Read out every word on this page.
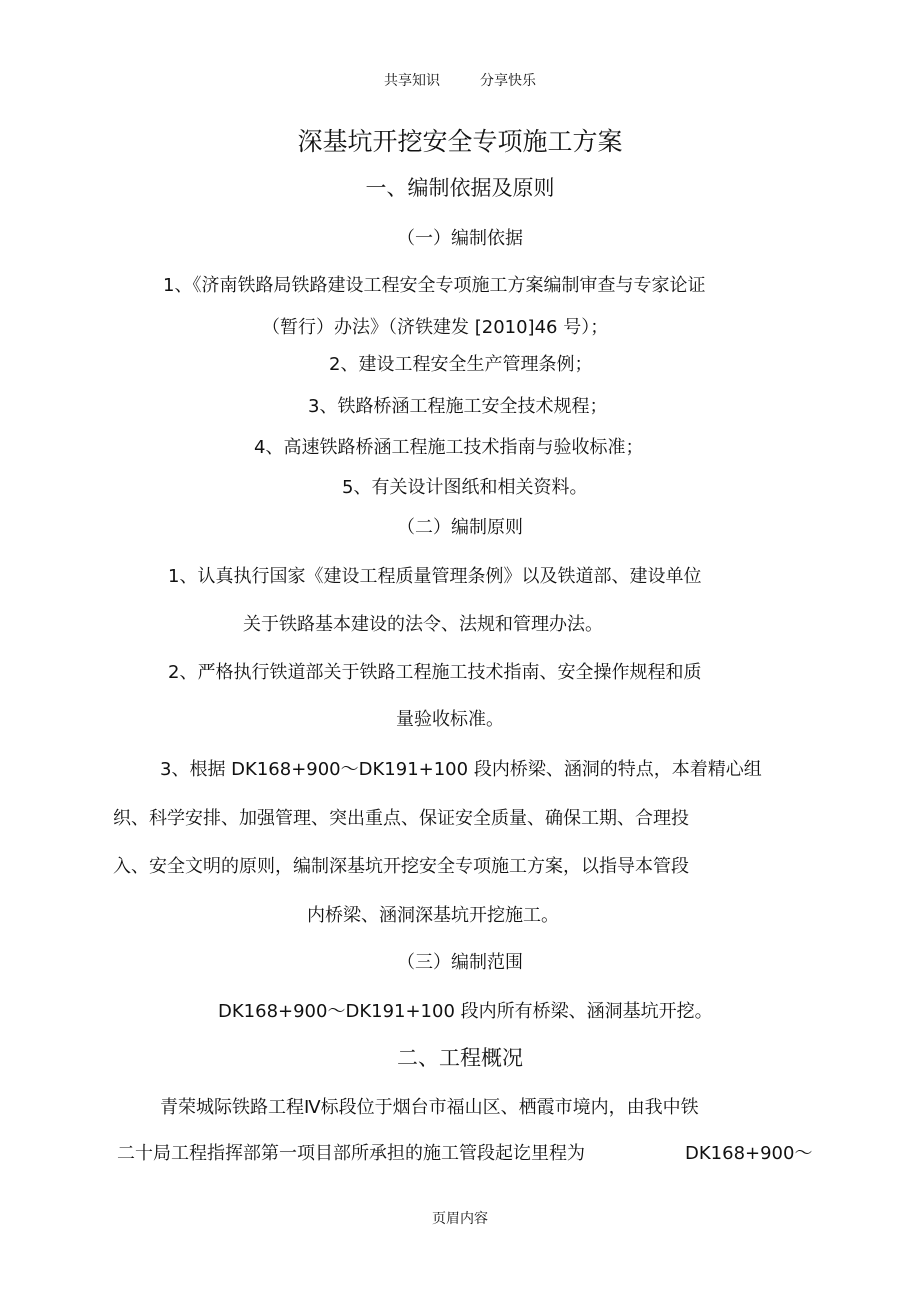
共享知识	分享快乐
深基坑开挖安全专项施工方案
一、编制依据及原则
（一）编制依据
1、《济南铁路局铁路建设工程安全专项施工方案编制审查与专家论证
（暂行）办法》（济铁建发 [2010]46 号）；
2、建设工程安全生产管理条例；
3、铁路桥涵工程施工安全技术规程；
4、高速铁路桥涵工程施工技术指南与验收标准；
5、有关设计图纸和相关资料。
（二）编制原则
1、认真执行国家《建设工程质量管理条例》以及铁道部、建设单位
关于铁路基本建设的法令、法规和管理办法。
2、严格执行铁道部关于铁路工程施工技术指南、安全操作规程和质
量验收标准。
3、根据 DK168+900～DK191+100 段内桥梁、涵洞的特点，本着精心组
织、科学安排、加强管理、突出重点、保证安全质量、确保工期、合理投
入、安全文明的原则，编制深基坑开挖安全专项施工方案，以指导本管段
内桥梁、涵洞深基坑开挖施工。
（三）编制范围
DK168+900～DK191+100 段内所有桥梁、涵洞基坑开挖。
二、工程概况
青荣城际铁路工程Ⅳ标段位于烟台市福山区、栖霞市境内，由我中铁
二十局工程指挥部第一项目部所承担的施工管段起讫里程为	DK168+900～
页眉内容
